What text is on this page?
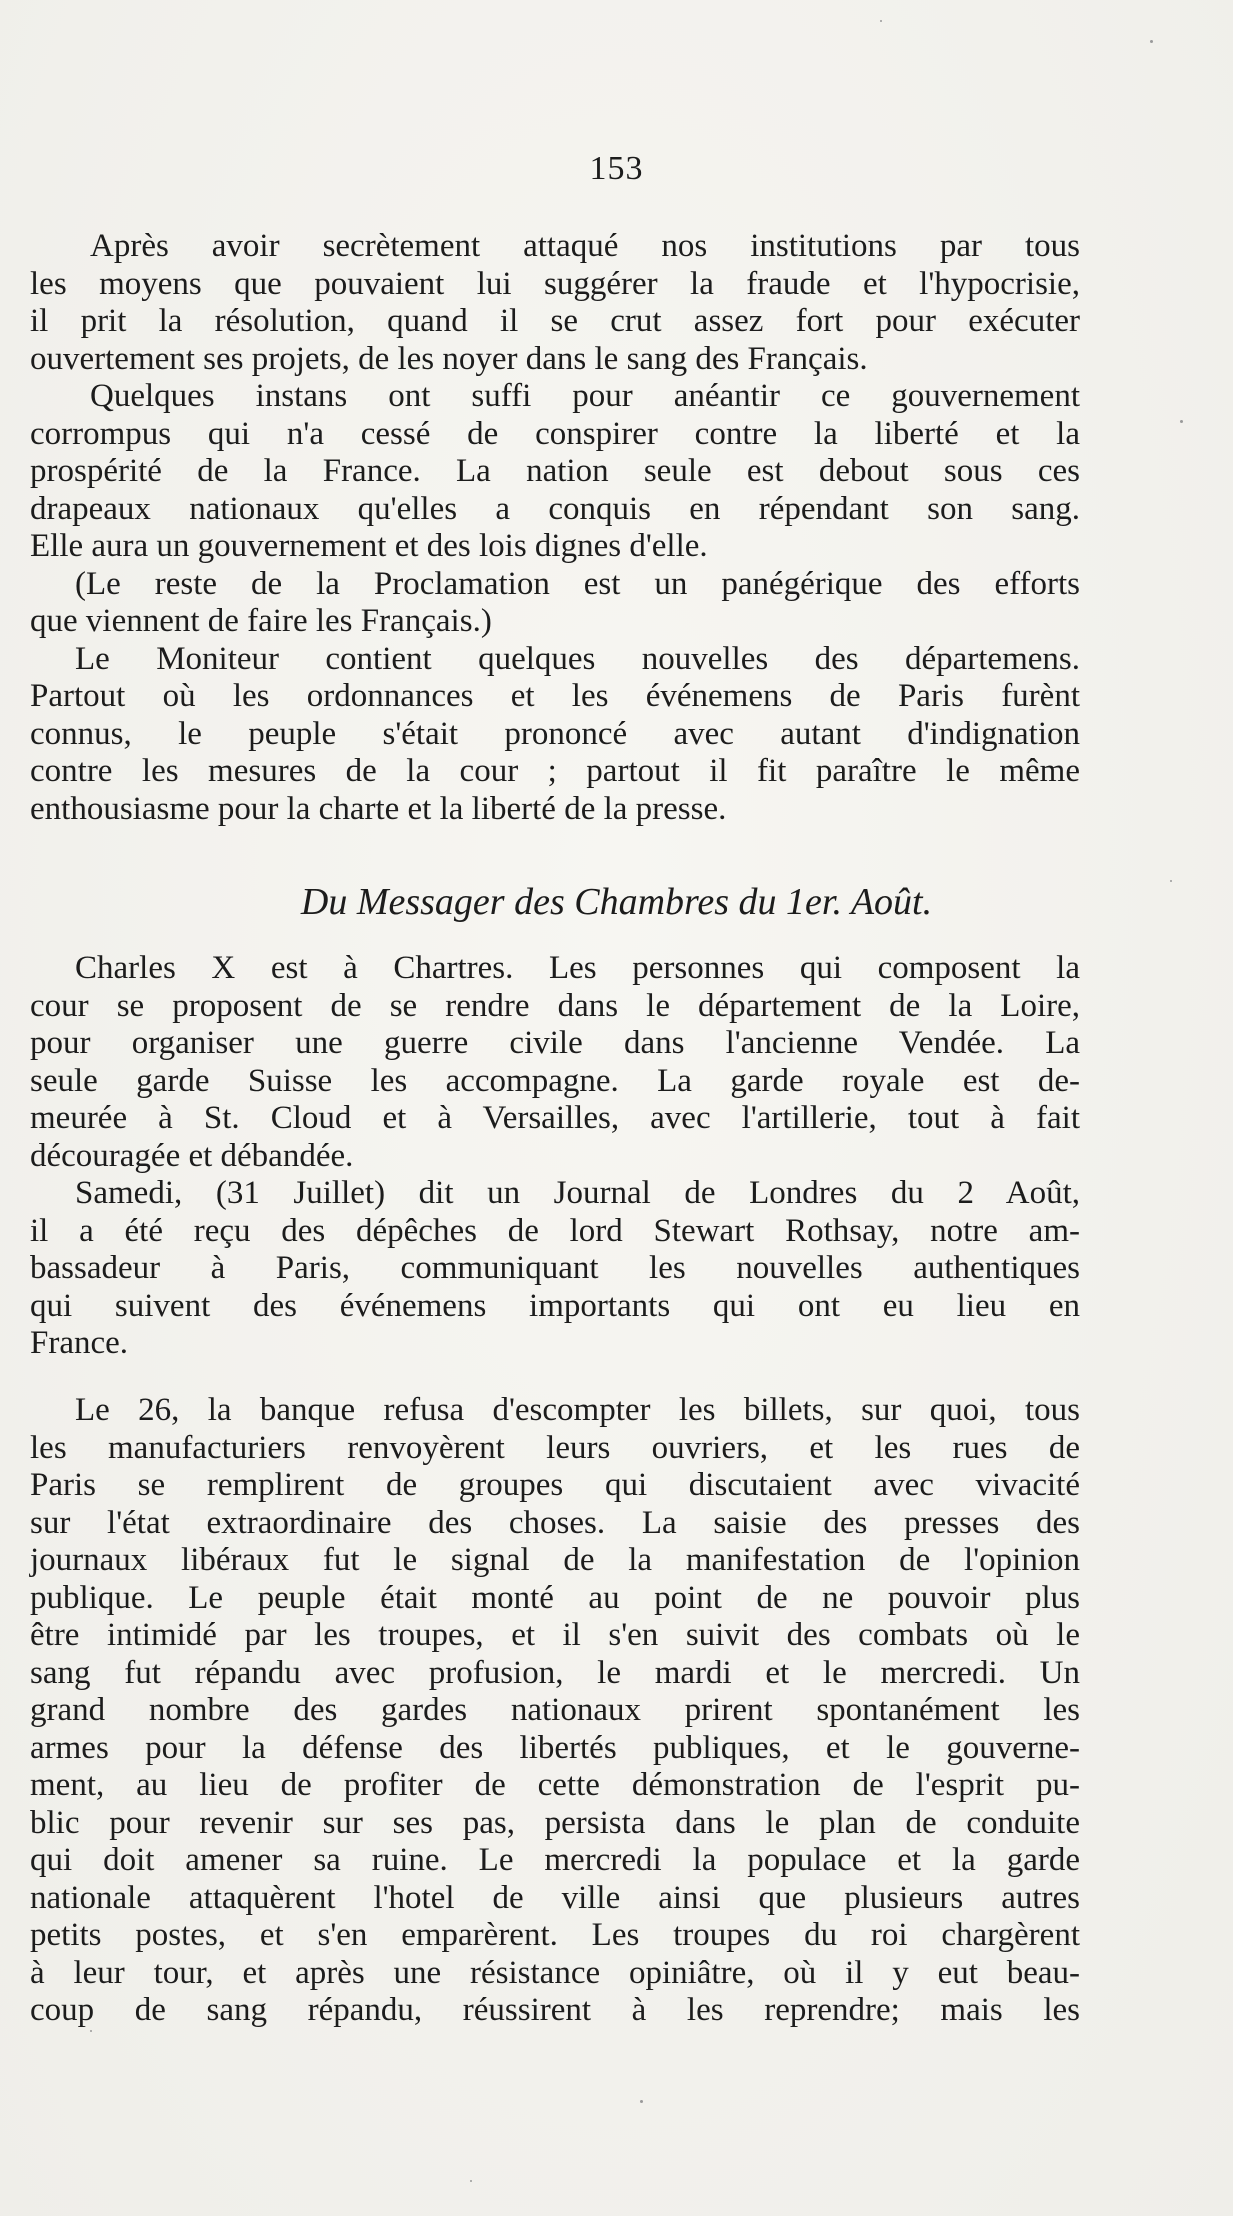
153
Après avoir secrètement attaqué nos institutions par tous
les moyens que pouvaient lui suggérer la fraude et l'hypocrisie,
il prit la résolution, quand il se crut assez fort pour exécuter
ouvertement ses projets, de les noyer dans le sang des Français.
Quelques instans ont suffi pour anéantir ce gouvernement
corrompus qui n'a cessé de conspirer contre la liberté et la
prospérité de la France. La nation seule est debout sous ces
drapeaux nationaux qu'elles a conquis en répendant son sang.
Elle aura un gouvernement et des lois dignes d'elle.
(Le reste de la Proclamation est un panégérique des efforts
que viennent de faire les Français.)
Le Moniteur contient quelques nouvelles des départemens.
Partout où les ordonnances et les événemens de Paris furènt
connus, le peuple s'était prononcé avec autant d'indignation
contre les mesures de la cour ; partout il fit paraître le même
enthousiasme pour la charte et la liberté de la presse.
Du Messager des Chambres du 1er. Août.
Charles X est à Chartres. Les personnes qui composent la
cour se proposent de se rendre dans le département de la Loire,
pour organiser une guerre civile dans l'ancienne Vendée. La
seule garde Suisse les accompagne. La garde royale est de-
meurée à St. Cloud et à Versailles, avec l'artillerie, tout à fait
découragée et débandée.
Samedi, (31 Juillet) dit un Journal de Londres du 2 Août,
il a été reçu des dépêches de lord Stewart Rothsay, notre am-
bassadeur à Paris, communiquant les nouvelles authentiques
qui suivent des événemens importants qui ont eu lieu en
France.
Le 26, la banque refusa d'escompter les billets, sur quoi, tous
les manufacturiers renvoyèrent leurs ouvriers, et les rues de
Paris se remplirent de groupes qui discutaient avec vivacité
sur l'état extraordinaire des choses. La saisie des presses des
journaux libéraux fut le signal de la manifestation de l'opinion
publique. Le peuple était monté au point de ne pouvoir plus
être intimidé par les troupes, et il s'en suivit des combats où le
sang fut répandu avec profusion, le mardi et le mercredi. Un
grand nombre des gardes nationaux prirent spontanément les
armes pour la défense des libertés publiques, et le gouverne-
ment, au lieu de profiter de cette démonstration de l'esprit pu-
blic pour revenir sur ses pas, persista dans le plan de conduite
qui doit amener sa ruine. Le mercredi la populace et la garde
nationale attaquèrent l'hotel de ville ainsi que plusieurs autres
petits postes, et s'en emparèrent. Les troupes du roi chargèrent
à leur tour, et après une résistance opiniâtre, où il y eut beau-
coup de sang répandu, réussirent à les reprendre; mais les
